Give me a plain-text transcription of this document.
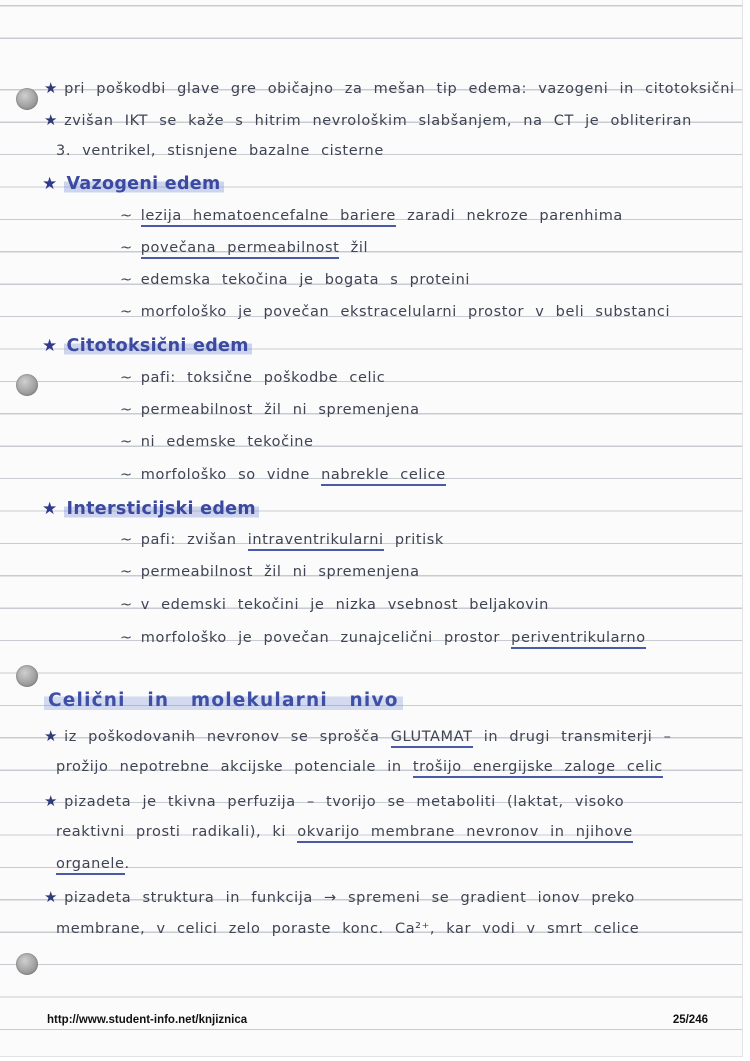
★ pri poškodbi glave gre običajno za mešan tip edema: vazogeni in citotoksični
★ zvišan IKT se kaže s hitrim nevrološkim slabšanjem, na CT je obliteriran
3. ventrikel, stisnjene bazalne cisterne
★ Vazogeni edem
~ lezija hematoencefalne bariere zaradi nekroze parenhima
~ povečana permeabilnost žil
~ edemska tekočina je bogata s proteini
~ morfološko je povečan ekstracelularni prostor v beli substanci
★ Citotoksični edem
~ pafi: toksične poškodbe celic
~ permeabilnost žil ni spremenjena
~ ni edemske tekočine
~ morfološko so vidne nabrekle celice
★ Intersticijski edem
~ pafi: zvišan intraventrikularni pritisk
~ permeabilnost žil ni spremenjena
~ v edemski tekočini je nizka vsebnost beljakovin
~ morfološko je povečan zunajcelični prostor periventrikularno
Celični in molekularni nivo
★ iz poškodovanih nevronov se sprošča GLUTAMAT in drugi transmiterji –
prožijo nepotrebne akcijske potenciale in trošijo energijske zaloge celic
★ pizadeta je tkivna perfuzija – tvorijo se metaboliti (laktat, visoko
reaktivni prosti radikali), ki okvarijo membrane nevronov in njihove
organele.
★ pizadeta struktura in funkcija → spremeni se gradient ionov preko
membrane, v celici zelo poraste konc. Ca²⁺, kar vodi v smrt celice
http://www.student-info.net/knjiznica	25/246
